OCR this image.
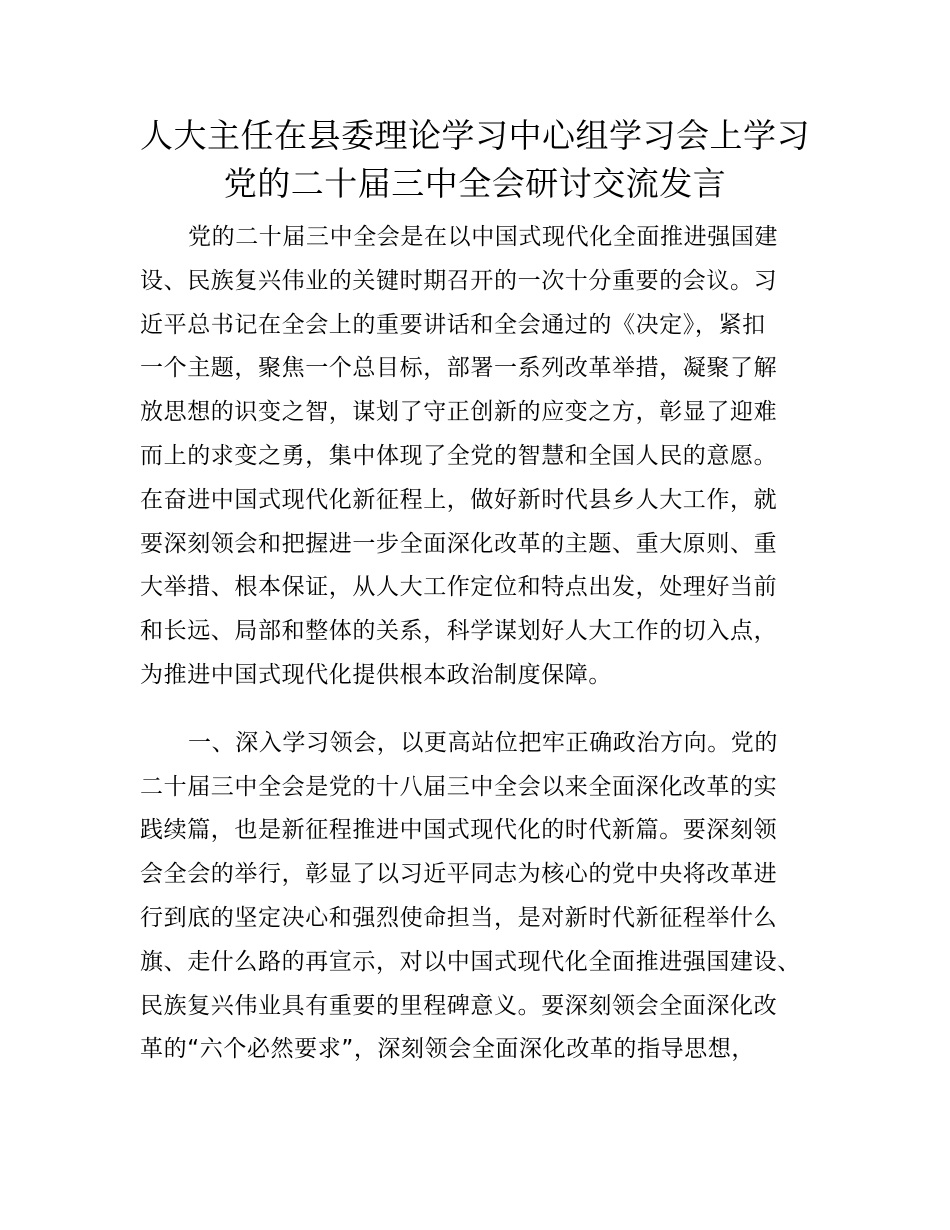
人大主任在县委理论学习中心组学习会上学习
党的二十届三中全会研讨交流发言
党的二十届三中全会是在以中国式现代化全面推进强国建
设、民族复兴伟业的关键时期召开的一次十分重要的会议。习
近平总书记在全会上的重要讲话和全会通过的《决定》，紧扣
一个主题，聚焦一个总目标，部署一系列改革举措，凝聚了解
放思想的识变之智，谋划了守正创新的应变之方，彰显了迎难
而上的求变之勇，集中体现了全党的智慧和全国人民的意愿。
在奋进中国式现代化新征程上，做好新时代县乡人大工作，就
要深刻领会和把握进一步全面深化改革的主题、重大原则、重
大举措、根本保证，从人大工作定位和特点出发，处理好当前
和长远、局部和整体的关系，科学谋划好人大工作的切入点，
为推进中国式现代化提供根本政治制度保障。
一、深入学习领会，以更高站位把牢正确政治方向。党的
二十届三中全会是党的十八届三中全会以来全面深化改革的实
践续篇，也是新征程推进中国式现代化的时代新篇。要深刻领
会全会的举行，彰显了以习近平同志为核心的党中央将改革进
行到底的坚定决心和强烈使命担当，是对新时代新征程举什么
旗、走什么路的再宣示，对以中国式现代化全面推进强国建设、
民族复兴伟业具有重要的里程碑意义。要深刻领会全面深化改
革的“六个必然要求”，深刻领会全面深化改革的指导思想，
